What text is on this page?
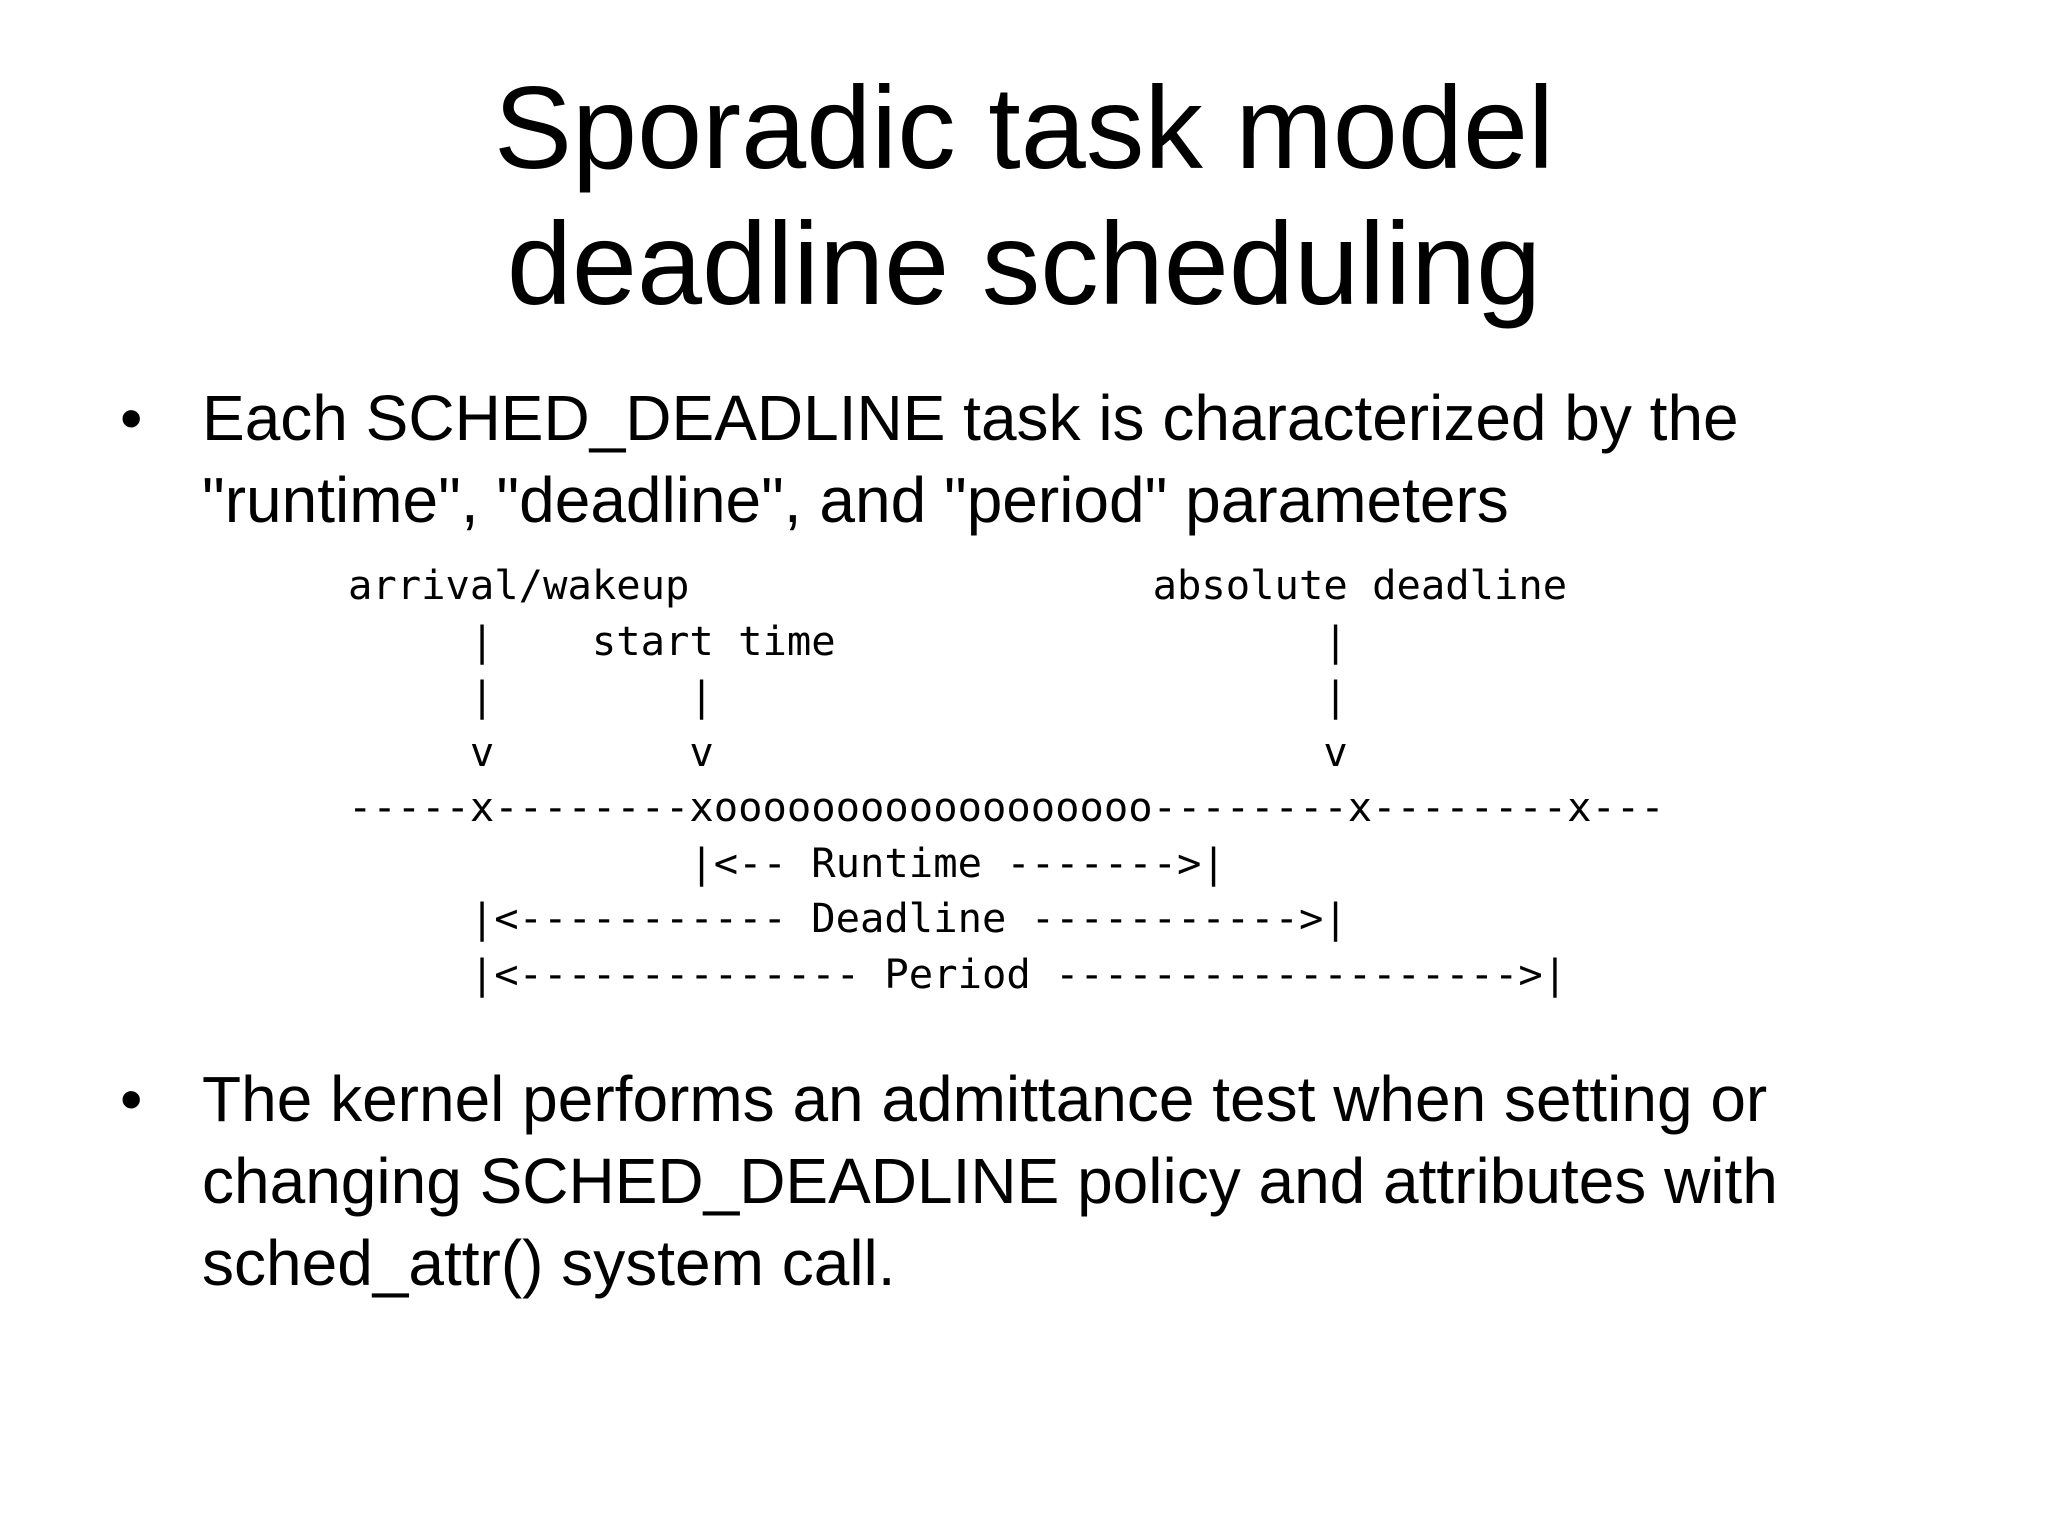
Sporadic task model
deadline scheduling
• Each SCHED_DEADLINE task is characterized by the
"runtime", "deadline", and "period" parameters
arrival/wakeup                   absolute deadline
|    start time                    |
|        |                         |
v        v                         v
-----x--------xoooooooooooooooooo--------x--------x---
|<-- Runtime ------->|
|<----------- Deadline ----------->|
|<-------------- Period ------------------->|
• The kernel performs an admittance test when setting or
changing SCHED_DEADLINE policy and attributes with
sched_attr() system call.
